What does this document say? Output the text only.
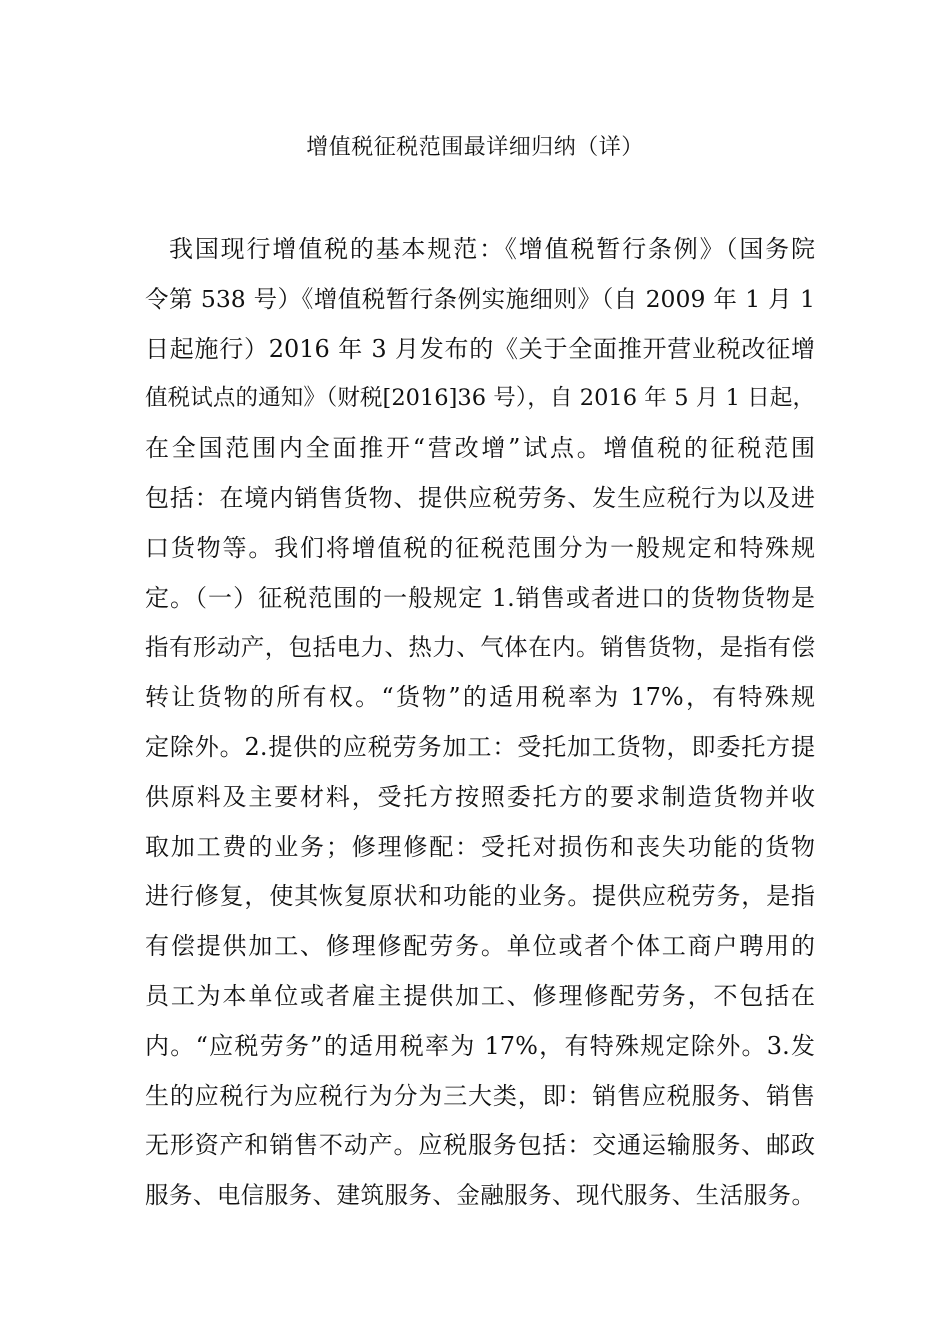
增值税征税范围最详细归纳（详）
我国现行增值税的基本规范：《增值税暂行条例》（国务院
令第 538 号）《增值税暂行条例实施细则》（自 2009 年 1 月 1
日起施行）2016 年 3 月发布的《关于全面推开营业税改征增
值税试点的通知》（财税[2016]36 号），自 2016 年 5 月 1 日起，
在全国范围内全面推开“营改增”试点。增值税的征税范围
包括：在境内销售货物、提供应税劳务、发生应税行为以及进
口货物等。我们将增值税的征税范围分为一般规定和特殊规
定。（一）征税范围的一般规定 1.销售或者进口的货物货物是
指有形动产，包括电力、热力、气体在内。销售货物，是指有偿
转让货物的所有权。“货物”的适用税率为 17%，有特殊规
定除外。2.提供的应税劳务加工：受托加工货物，即委托方提
供原料及主要材料，受托方按照委托方的要求制造货物并收
取加工费的业务；修理修配：受托对损伤和丧失功能的货物
进行修复，使其恢复原状和功能的业务。提供应税劳务，是指
有偿提供加工、修理修配劳务。单位或者个体工商户聘用的
员工为本单位或者雇主提供加工、修理修配劳务，不包括在
内。“应税劳务”的适用税率为 17%，有特殊规定除外。3.发
生的应税行为应税行为分为三大类，即：销售应税服务、销售
无形资产和销售不动产。应税服务包括：交通运输服务、邮政
服务、电信服务、建筑服务、金融服务、现代服务、生活服务。
